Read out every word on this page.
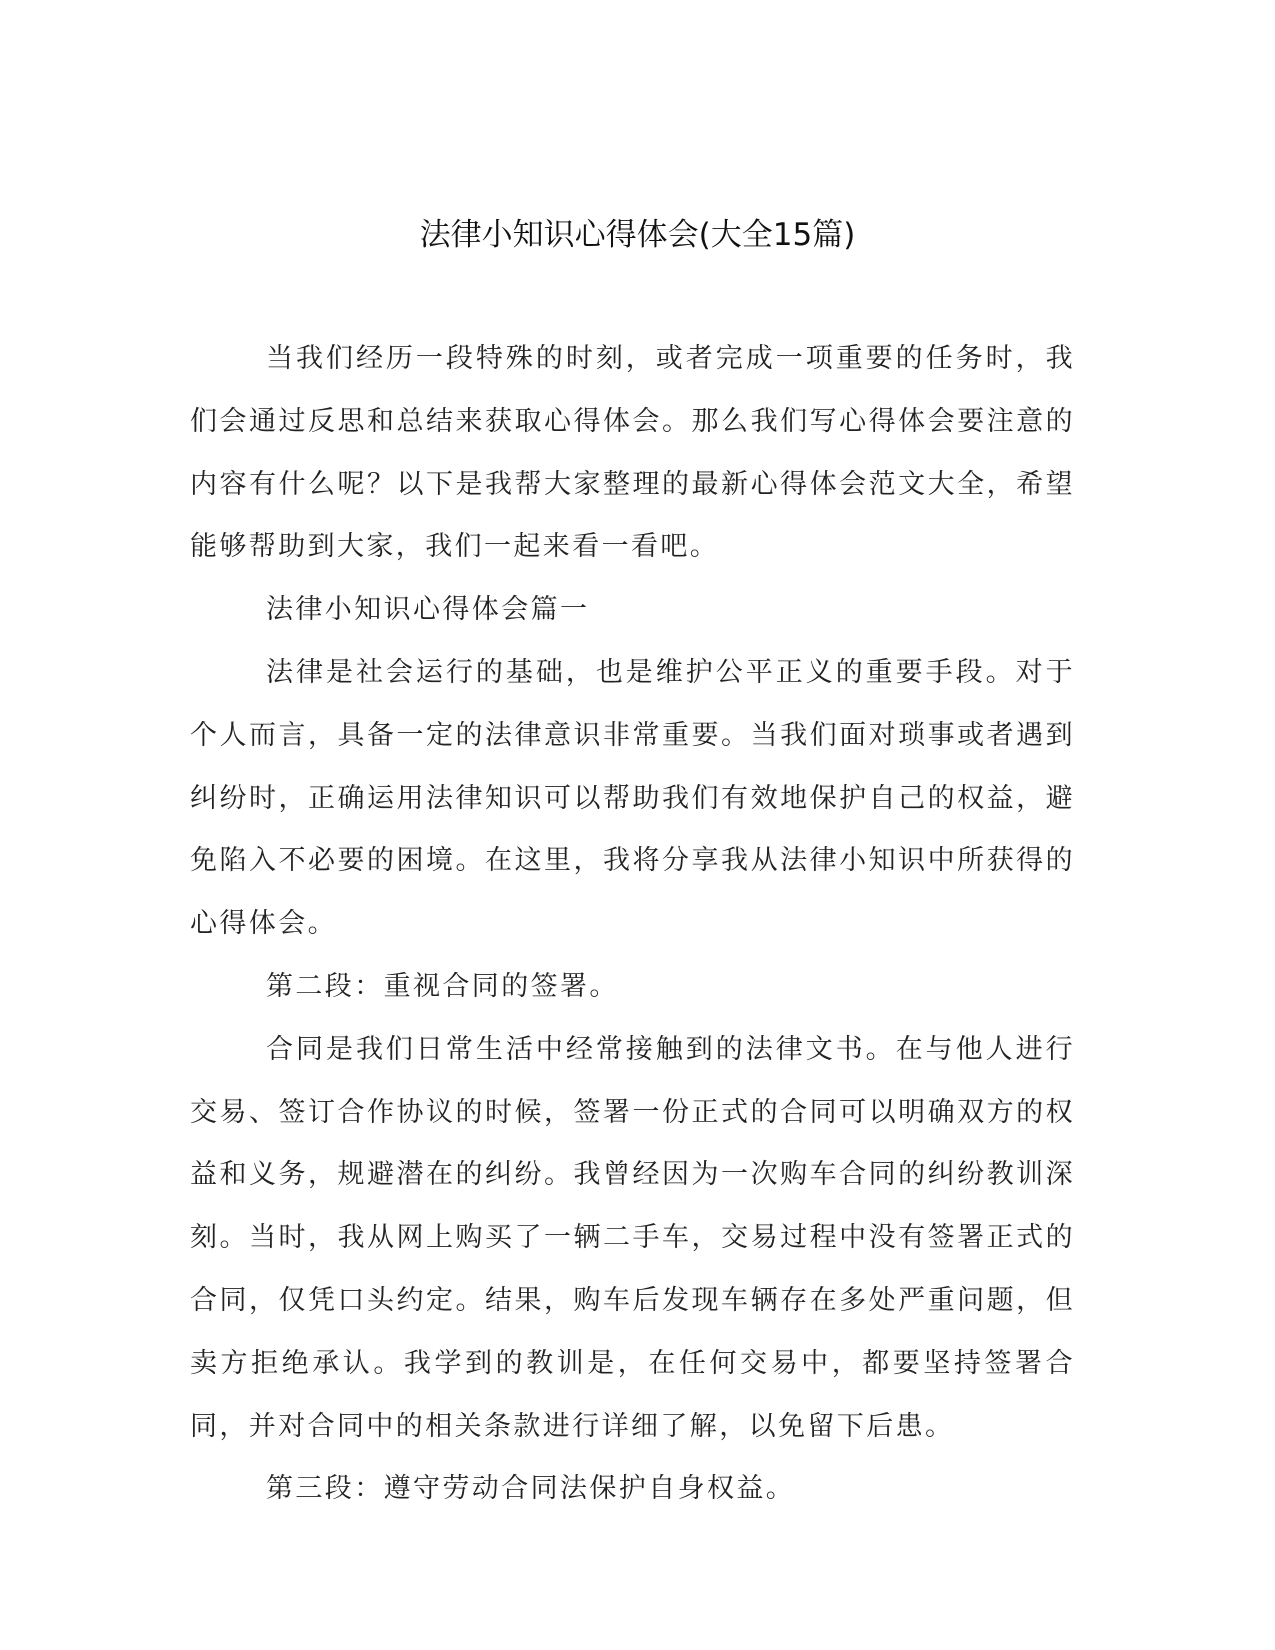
法律小知识心得体会(大全15篇)

当我们经历一段特殊的时刻，或者完成一项重要的任务时，我们会通过反思和总结来获取心得体会。那么我们写心得体会要注意的内容有什么呢？以下是我帮大家整理的最新心得体会范文大全，希望能够帮助到大家，我们一起来看一看吧。

法律小知识心得体会篇一

法律是社会运行的基础，也是维护公平正义的重要手段。对于个人而言，具备一定的法律意识非常重要。当我们面对琐事或者遇到纠纷时，正确运用法律知识可以帮助我们有效地保护自己的权益，避免陷入不必要的困境。在这里，我将分享我从法律小知识中所获得的心得体会。

第二段：重视合同的签署。

合同是我们日常生活中经常接触到的法律文书。在与他人进行交易、签订合作协议的时候，签署一份正式的合同可以明确双方的权益和义务，规避潜在的纠纷。我曾经因为一次购车合同的纠纷教训深刻。当时，我从网上购买了一辆二手车，交易过程中没有签署正式的合同，仅凭口头约定。结果，购车后发现车辆存在多处严重问题，但卖方拒绝承认。我学到的教训是，在任何交易中，都要坚持签署合同，并对合同中的相关条款进行详细了解，以免留下后患。

第三段：遵守劳动合同法保护自身权益。
